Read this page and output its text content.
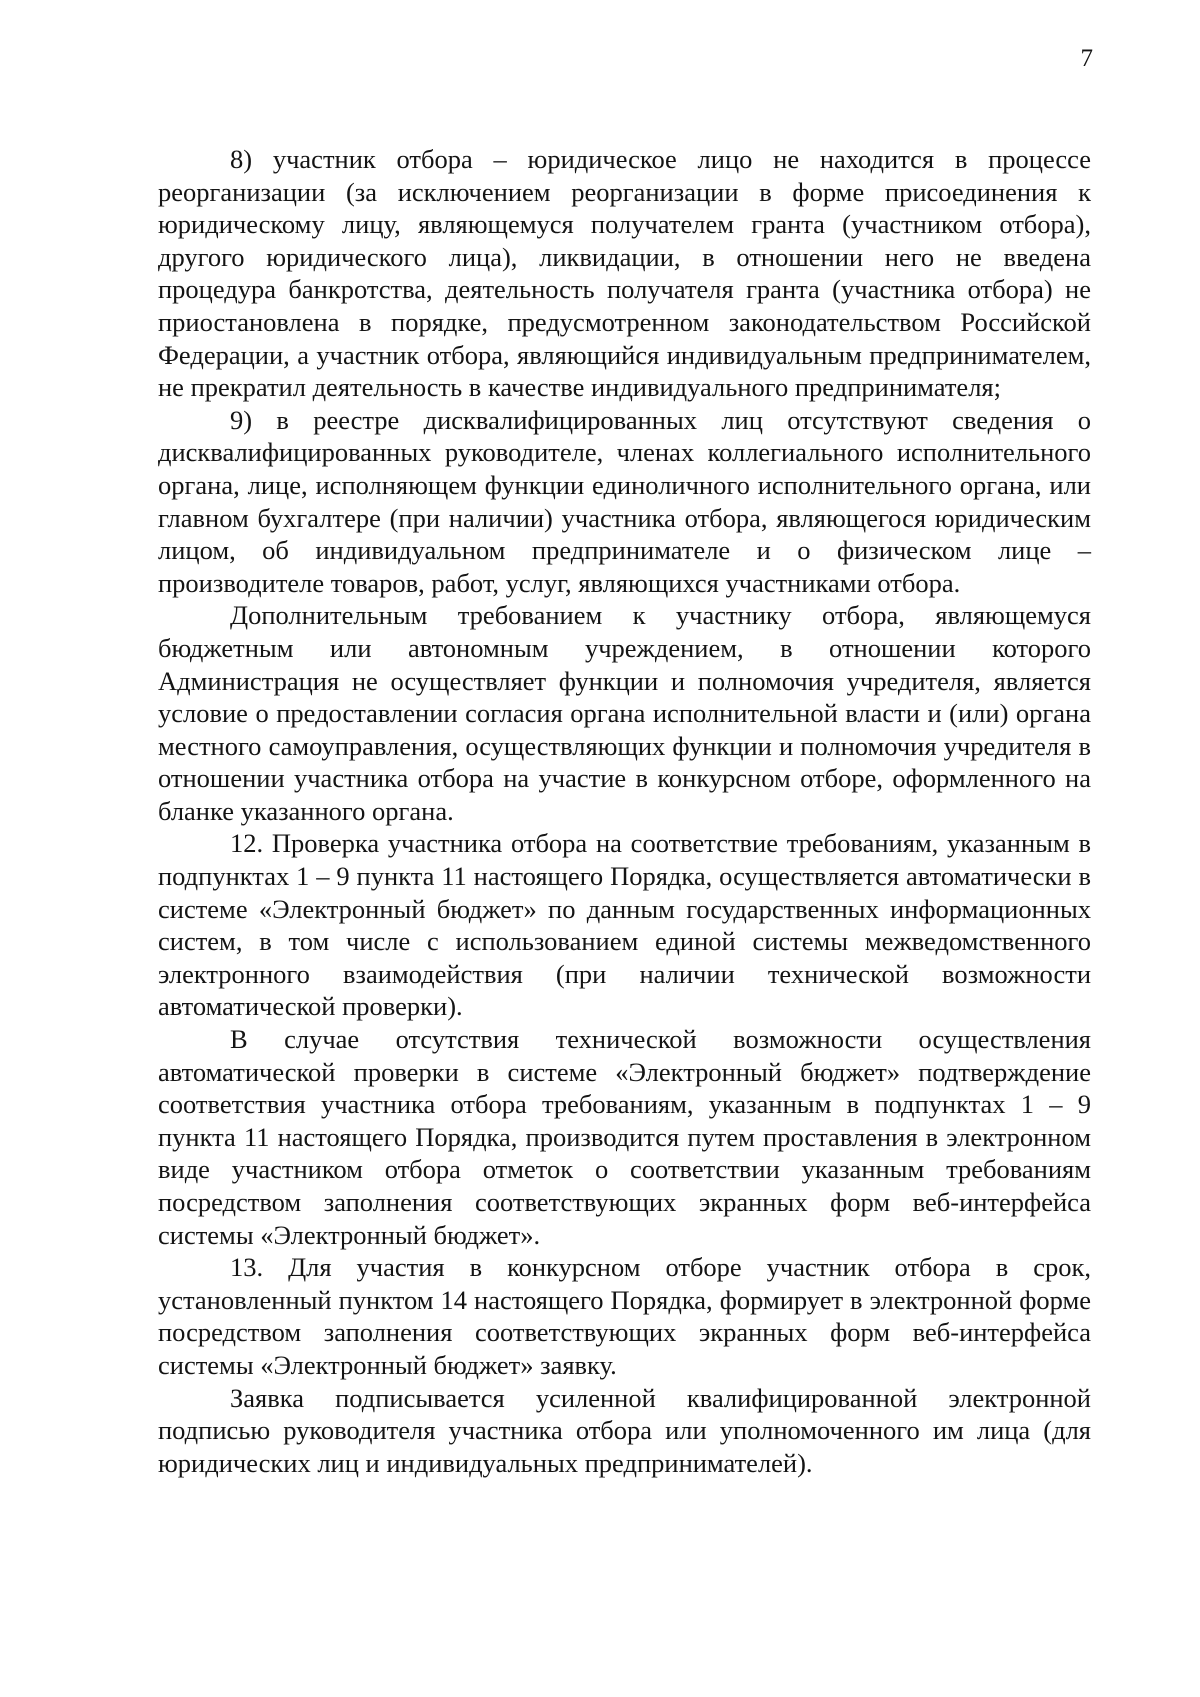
7

8) участник отбора – юридическое лицо не находится в процессе реорганизации (за исключением реорганизации в форме присоединения к юридическому лицу, являющемуся получателем гранта (участником отбора), другого юридического лица), ликвидации, в отношении него не введена процедура банкротства, деятельность получателя гранта (участника отбора) не приостановлена в порядке, предусмотренном законодательством Российской Федерации, а участник отбора, являющийся индивидуальным предпринимателем, не прекратил деятельность в качестве индивидуального предпринимателя;

9) в реестре дисквалифицированных лиц отсутствуют сведения о дисквалифицированных руководителе, членах коллегиального исполнительного органа, лице, исполняющем функции единоличного исполнительного органа, или главном бухгалтере (при наличии) участника отбора, являющегося юридическим лицом, об индивидуальном предпринимателе и о физическом лице – производителе товаров, работ, услуг, являющихся участниками отбора.

Дополнительным требованием к участнику отбора, являющемуся бюджетным или автономным учреждением, в отношении которого Администрация не осуществляет функции и полномочия учредителя, является условие о предоставлении согласия органа исполнительной власти и (или) органа местного самоуправления, осуществляющих функции и полномочия учредителя в отношении участника отбора на участие в конкурсном отборе, оформленного на бланке указанного органа.

12. Проверка участника отбора на соответствие требованиям, указанным в подпунктах 1 – 9 пункта 11 настоящего Порядка, осуществляется автоматически в системе «Электронный бюджет» по данным государственных информационных систем, в том числе с использованием единой системы межведомственного электронного взаимодействия (при наличии технической возможности автоматической проверки).

В случае отсутствия технической возможности осуществления автоматической проверки в системе «Электронный бюджет» подтверждение соответствия участника отбора требованиям, указанным в подпунктах 1 – 9 пункта 11 настоящего Порядка, производится путем проставления в электронном виде участником отбора отметок о соответствии указанным требованиям посредством заполнения соответствующих экранных форм веб-интерфейса системы «Электронный бюджет».

13. Для участия в конкурсном отборе участник отбора в срок, установленный пунктом 14 настоящего Порядка, формирует в электронной форме посредством заполнения соответствующих экранных форм веб-интерфейса системы «Электронный бюджет» заявку.

Заявка подписывается усиленной квалифицированной электронной подписью руководителя участника отбора или уполномоченного им лица (для юридических лиц и индивидуальных предпринимателей).
